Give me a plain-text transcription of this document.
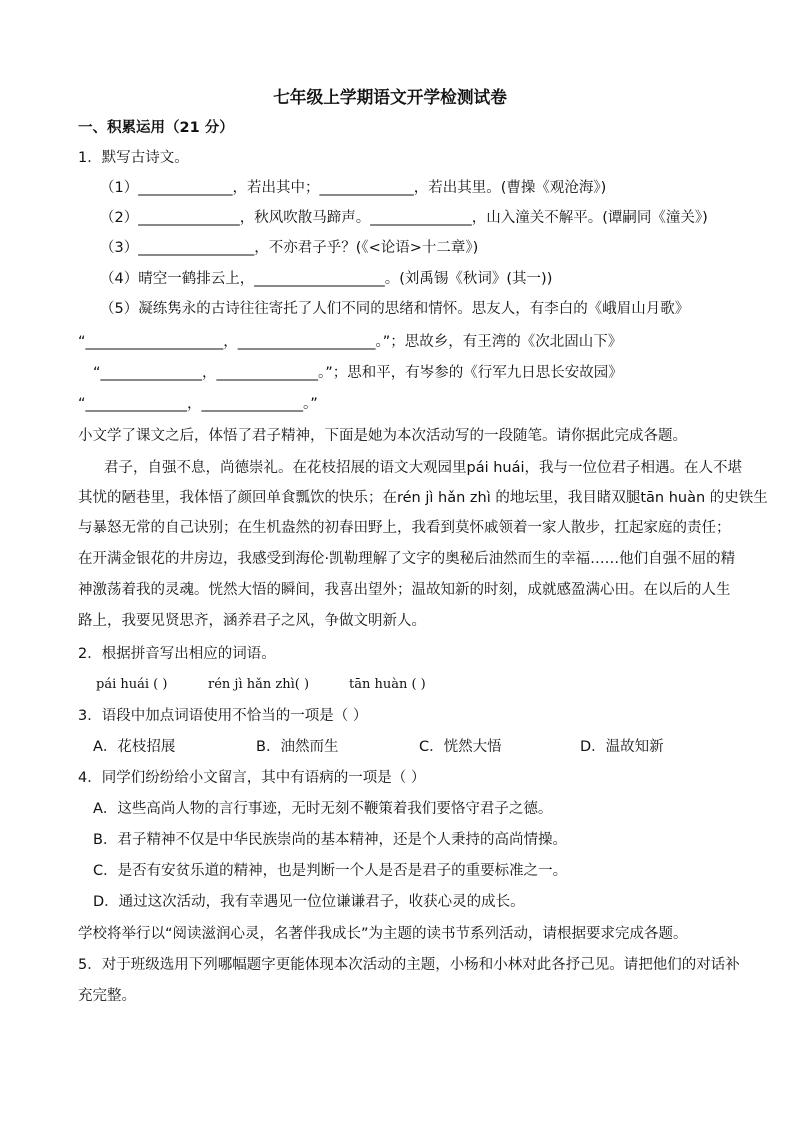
七年级上学期语文开学检测试卷
一、积累运用（21 分）
1．默写古诗文。
（1）_____________，若出其中；_____________，若出其里。(曹操《观沧海》)
（2）______________，秋风吹散马蹄声。______________，山入潼关不解平。(谭嗣同《潼关》)
（3）________________，不亦君子乎？(《<论语>十二章》)
（4）晴空一鹤排云上，__________________。(刘禹锡《秋词》(其一))
（5）凝练隽永的古诗往往寄托了人们不同的思绪和情怀。思友人，有李白的《峨眉山月歌》
“___________________，___________________。”；思故乡，有王湾的《次北固山下》
“______________，______________。”；思和平，有岑参的《行军九日思长安故园》
“______________，______________。”
小文学了课文之后，体悟了君子精神，下面是她为本次活动写的一段随笔。请你据此完成各题。
君子，自强不息，尚德崇礼。在花枝招展的语文大观园里pái huái，我与一位位君子相遇。在人不堪
其忧的陋巷里，我体悟了颜回单食瓢饮的快乐；在rén jì hǎn zhì 的地坛里，我目睹双腿tān huàn 的史铁生
与暴怒无常的自己诀别；在生机盎然的初春田野上，我看到莫怀戚领着一家人散步，扛起家庭的责任；
在开满金银花的井房边，我感受到海伦·凯勒理解了文字的奥秘后油然而生的幸福……他们自强不屈的精
神激荡着我的灵魂。恍然大悟的瞬间，我喜出望外；温故知新的时刻，成就感盈满心田。在以后的人生
路上，我要见贤思齐，涵养君子之风，争做文明新人。
2．根据拼音写出相应的词语。
pái huái ( )	rén jì hǎn zhì( )	tān huàn ( )
3．语段中加点词语使用不恰当的一项是（ ）
A．花枝招展	B．油然而生	C．恍然大悟	D．温故知新
4．同学们纷纷给小文留言，其中有语病的一项是（ ）
A．这些高尚人物的言行事迹，无时无刻不鞭策着我们要恪守君子之德。
B．君子精神不仅是中华民族崇尚的基本精神，还是个人秉持的高尚情操。
C．是否有安贫乐道的精神，也是判断一个人是否是君子的重要标准之一。
D．通过这次活动，我有幸遇见一位位谦谦君子，收获心灵的成长。
学校将举行以“阅读滋润心灵，名著伴我成长”为主题的读书节系列活动，请根据要求完成各题。
5．对于班级选用下列哪幅题字更能体现本次活动的主题，小杨和小林对此各抒己见。请把他们的对话补
充完整。
